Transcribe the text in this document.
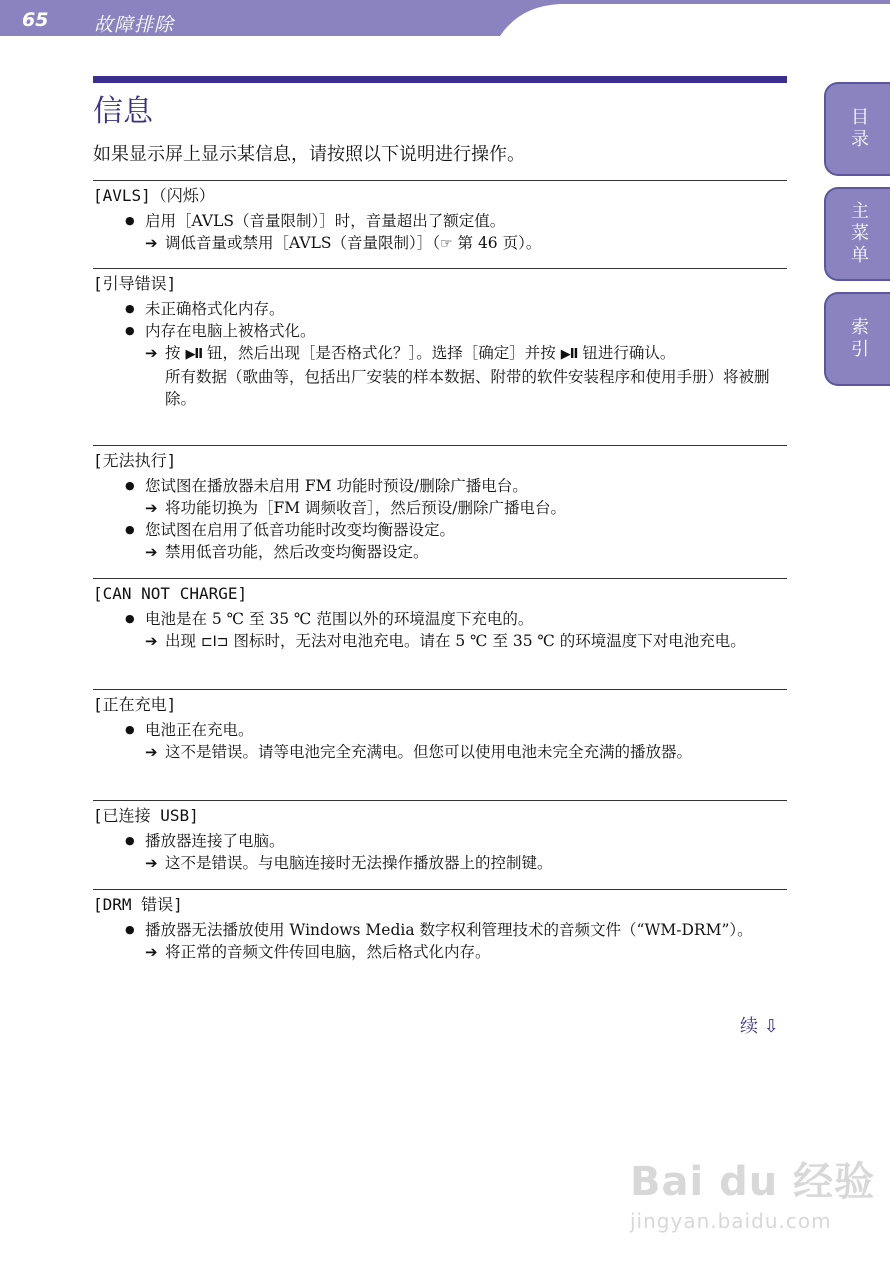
65 故障排除
目录
主菜单
索引
信息
如果显示屏上显示某信息，请按照以下说明进行操作。
[AVLS]（闪烁）
● 启用［AVLS（音量限制）］时，音量超出了额定值。
➔ 调低音量或禁用［AVLS（音量限制）］（☞ 第 46 页）。
[引导错误]
● 未正确格式化内存。
● 内存在电脑上被格式化。
➔ 按 ▶II 钮，然后出现［是否格式化？］。选择［确定］并按 ▶II 钮进行确认。
所有数据（歌曲等，包括出厂安装的样本数据、附带的软件安装程序和使用手册）将被删除。
[无法执行]
● 您试图在播放器未启用 FM 功能时预设/删除广播电台。
➔ 将功能切换为［FM 调频收音］，然后预设/删除广播电台。
● 您试图在启用了低音功能时改变均衡器设定。
➔ 禁用低音功能，然后改变均衡器设定。
[CAN NOT CHARGE]
● 电池是在 5 ℃ 至 35 ℃ 范围以外的环境温度下充电的。
➔ 出现 ⊏I⊐ 图标时，无法对电池充电。请在 5 ℃ 至 35 ℃ 的环境温度下对电池充电。
[正在充电]
● 电池正在充电。
➔ 这不是错误。请等电池完全充满电。但您可以使用电池未完全充满的播放器。
[已连接 USB]
● 播放器连接了电脑。
➔ 这不是错误。与电脑连接时无法操作播放器上的控制键。
[DRM 错误]
● 播放器无法播放使用 Windows Media 数字权利管理技术的音频文件（“WM-DRM”）。
➔ 将正常的音频文件传回电脑，然后格式化内存。
续 ⇩
Bai du 经验
jingyan.baidu.com
